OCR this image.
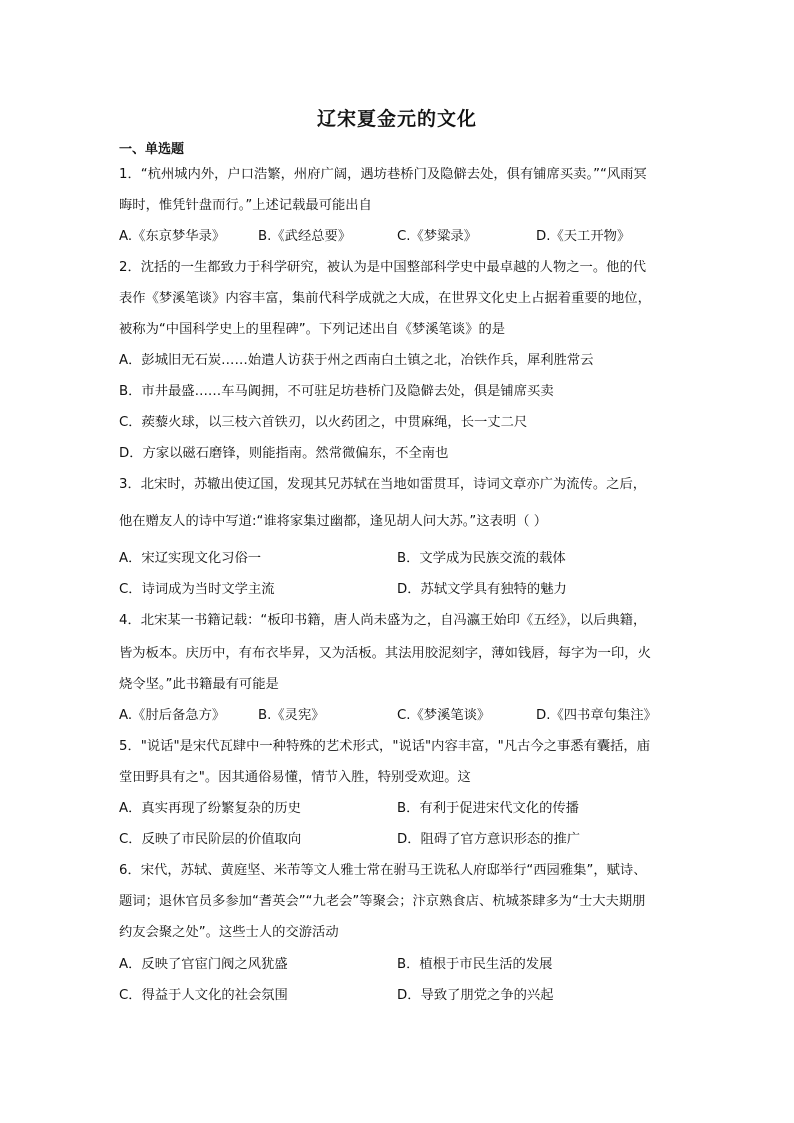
辽宋夏金元的文化
一、单选题
1．“杭州城内外，户口浩繁，州府广阔，遇坊巷桥门及隐僻去处，俱有铺席买卖。”“风雨冥
晦时，惟凭针盘而行。”上述记载最可能出自
A.《东京梦华录》 B.《武经总要》	C.《梦粱录》	D.《天工开物》
2．沈括的一生都致力于科学研究，被认为是中国整部科学史中最卓越的人物之一。他的代
表作《梦溪笔谈》内容丰富，集前代科学成就之大成，在世界文化史上占据着重要的地位，
被称为“中国科学史上的里程碑”。下列记述出自《梦溪笔谈》的是
A．彭城旧无石炭……始遣人访获于州之西南白土镇之北，冶铁作兵，犀利胜常云
B．市井最盛……车马阗拥，不可驻足坊巷桥门及隐僻去处，俱是铺席买卖
C．蒺藜火球，以三枝六首铁刃，以火药团之，中贯麻绳，长一丈二尺
D．方家以磁石磨锋，则能指南。然常微偏东，不全南也
3．北宋时，苏辙出使辽国，发现其兄苏轼在当地如雷贯耳，诗词文章亦广为流传。之后，
他在赠友人的诗中写道:“谁将家集过幽都，逢见胡人问大苏。”这表明（ ）
A．宋辽实现文化习俗一	B．文学成为民族交流的载体
C．诗词成为当时文学主流	D．苏轼文学具有独特的魅力
4．北宋某一书籍记载：“板印书籍，唐人尚未盛为之，自冯瀛王始印《五经》，以后典籍，
皆为板本。庆历中，有布衣毕昇，又为活板。其法用胶泥刻字，薄如钱唇，每字为一印，火
烧令坚。”此书籍最有可能是
A.《肘后备急方》 B.《灵宪》	C.《梦溪笔谈》	D.《四书章句集注》
5．"说话"是宋代瓦肆中一种特殊的艺术形式，"说话"内容丰富，"凡古今之事悉有囊括，庙
堂田野具有之"。因其通俗易懂，情节入胜，特别受欢迎。这
A．真实再现了纷繁复杂的历史	B．有利于促进宋代文化的传播
C．反映了市民阶层的价值取向	D．阻碍了官方意识形态的推广
6．宋代，苏轼、黄庭坚、米芾等文人雅士常在驸马王诜私人府邸举行“西园雅集”，赋诗、
题词；退休官员多参加“耆英会”“九老会”等聚会；汴京熟食店、杭城茶肆多为“士大夫期朋
约友会聚之处”。这些士人的交游活动
A．反映了官宦门阀之风犹盛	B．植根于市民生活的发展
C．得益于人文化的社会氛围	D．导致了朋党之争的兴起
